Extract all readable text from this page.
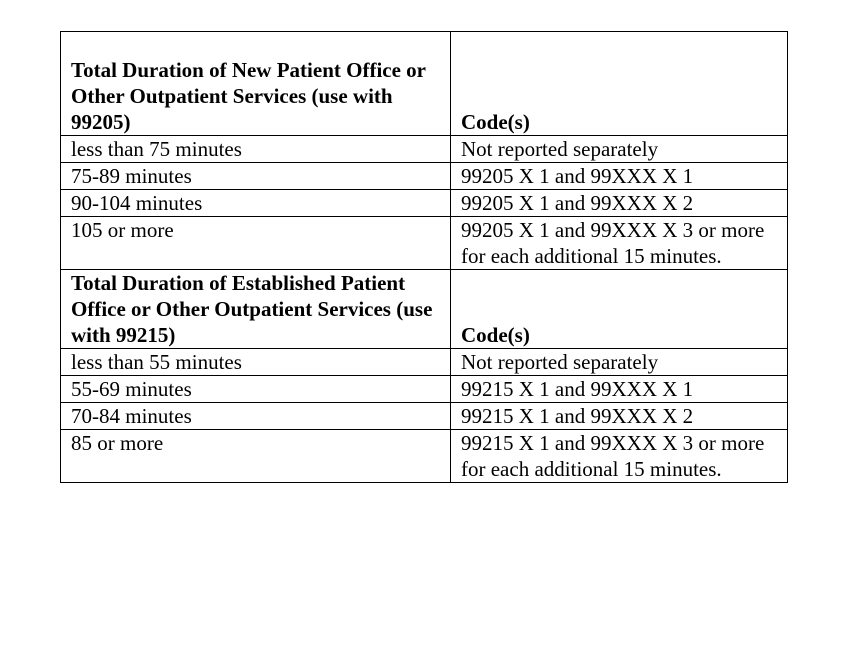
Total Duration of New Patient Office or Other Outpatient Services (use with 99205)	Code(s)

less than 75 minutes	Not reported separately
75-89 minutes	99205 X 1 and 99XXX X 1
90-104 minutes	99205 X 1 and 99XXX X 2
105 or more	99205 X 1 and 99XXX X 3 or more for each additional 15 minutes.

Total Duration of Established Patient Office or Other Outpatient Services (use with 99215)	Code(s)

less than 55 minutes	Not reported separately
55-69 minutes	99215 X 1 and 99XXX X 1
70-84 minutes	99215 X 1 and 99XXX X 2
85 or more	99215 X 1 and 99XXX X 3 or more for each additional 15 minutes.
